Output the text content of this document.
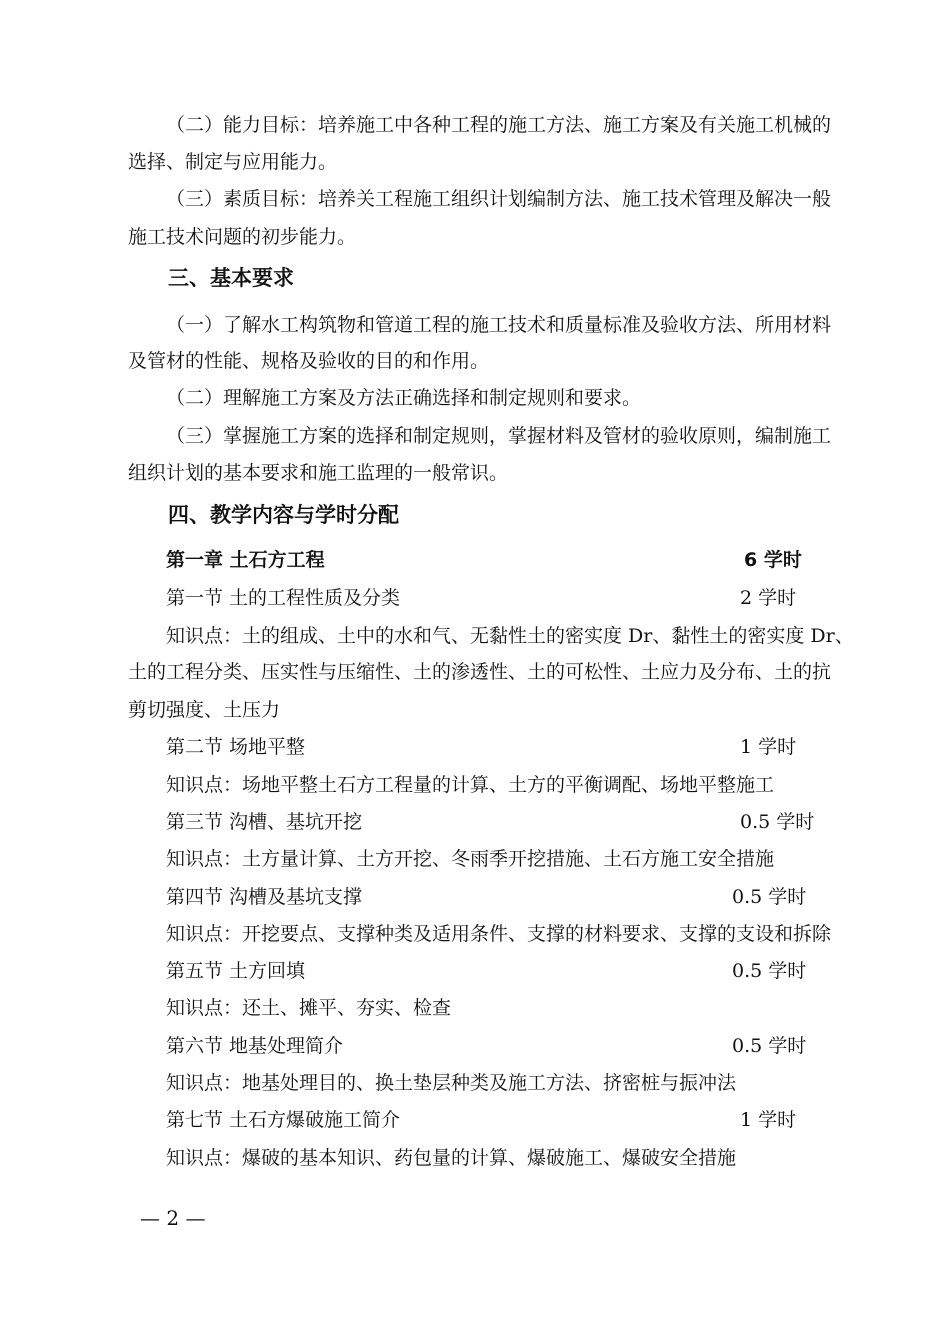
（二）能力目标：培养施工中各种工程的施工方法、施工方案及有关施工机械的
选择、制定与应用能力。
（三）素质目标：培养关工程施工组织计划编制方法、施工技术管理及解决一般
施工技术问题的初步能力。
三、基本要求
（一）了解水工构筑物和管道工程的施工技术和质量标准及验收方法、所用材料
及管材的性能、规格及验收的目的和作用。
（二）理解施工方案及方法正确选择和制定规则和要求。
（三）掌握施工方案的选择和制定规则，掌握材料及管材的验收原则，编制施工
组织计划的基本要求和施工监理的一般常识。
四、教学内容与学时分配
第一章 土石方工程	6 学时
第一节 土的工程性质及分类	2 学时
知识点：土的组成、土中的水和气、无黏性土的密实度 Dr、黏性土的密实度 Dr、
土的工程分类、压实性与压缩性、土的渗透性、土的可松性、土应力及分布、土的抗
剪切强度、土压力
第二节 场地平整	1 学时
知识点：场地平整土石方工程量的计算、土方的平衡调配、场地平整施工
第三节 沟槽、基坑开挖	0.5 学时
知识点：土方量计算、土方开挖、冬雨季开挖措施、土石方施工安全措施
第四节 沟槽及基坑支撑	0.5 学时
知识点：开挖要点、支撑种类及适用条件、支撑的材料要求、支撑的支设和拆除
第五节 土方回填	0.5 学时
知识点：还土、摊平、夯实、检查
第六节 地基处理简介	0.5 学时
知识点：地基处理目的、换土垫层种类及施工方法、挤密桩与振冲法
第七节 土石方爆破施工简介	1 学时
知识点：爆破的基本知识、药包量的计算、爆破施工、爆破安全措施
— 2 —
